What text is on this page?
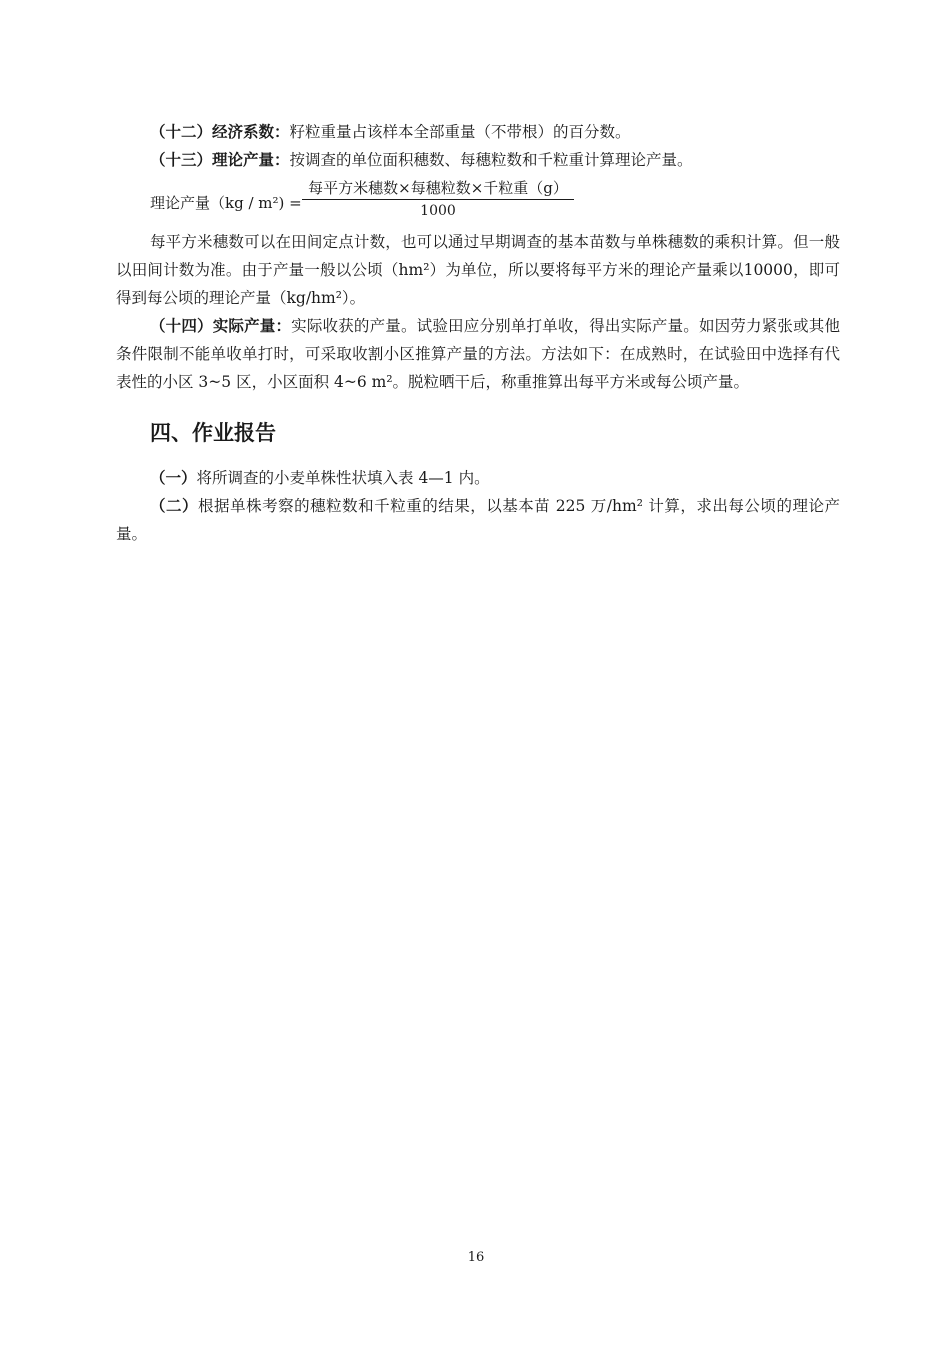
（十二）经济系数：籽粒重量占该样本全部重量（不带根）的百分数。

（十三）理论产量：按调查的单位面积穗数、每穗粒数和千粒重计算理论产量。

理论产量（kg / m²) =
每平方米穗数×每穗粒数×千粒重（g）
1000

每平方米穗数可以在田间定点计数，也可以通过早期调查的基本苗数与单株穗数的乘积计算。但一般以田间计数为准。由于产量一般以公顷（hm²）为单位，所以要将每平方米的理论产量乘以10000，即可得到每公顷的理论产量（kg/hm²）。

（十四）实际产量：实际收获的产量。试验田应分别单打单收，得出实际产量。如因劳力紧张或其他条件限制不能单收单打时，可采取收割小区推算产量的方法。方法如下：在成熟时，在试验田中选择有代表性的小区 3~5 区，小区面积 4~6 m²。脱粒晒干后，称重推算出每平方米或每公顷产量。

四、作业报告

（一）将所调查的小麦单株性状填入表 4—1 内。

（二）根据单株考察的穗粒数和千粒重的结果，以基本苗 225 万/hm² 计算，求出每公顷的理论产量。

16
